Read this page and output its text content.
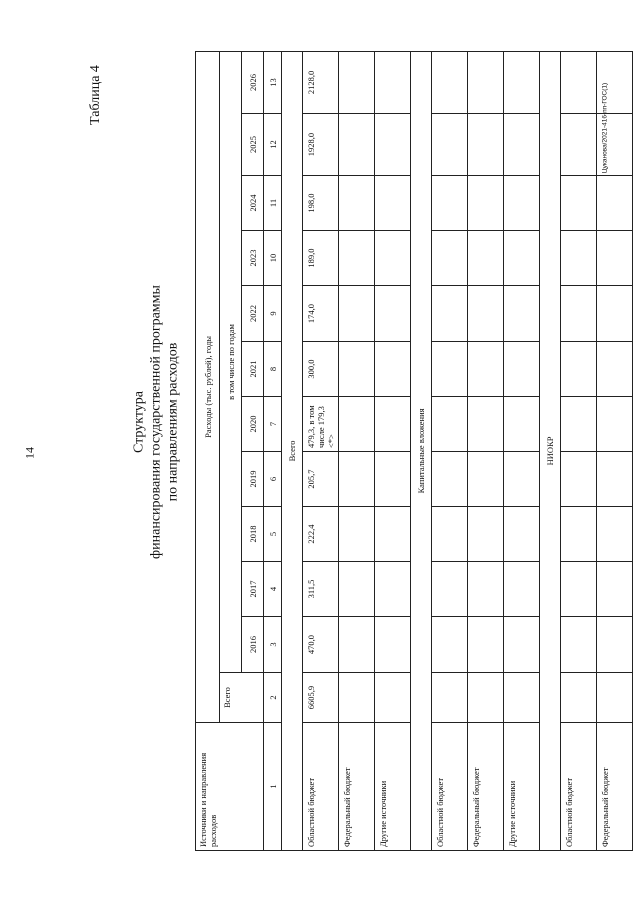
14
Таблица 4	Цуканова/2021-416-пп-ГОС(1)
Структура финансирования государственной программы по направлениям расходов
Источники и направления расходов	Расходы (тыс. рублей), годы											
	Всего	в том числе по годам										
		2016	2017	2018	2019	2020	2021	2022	2023	2024	2025	2026
1	2	3	4	5	6	7	8	9	10	11	12	13
Всего												
Областной бюджет	6605,9	470,0	311,5	222,4	205,7	479,3, в том числе 179,3 <*>	300,0	174,0	189,0	198,0	1928,0	2128,0
Федеральный бюджет												
Другие источники												
Капитальные вложения												
Областной бюджет												
Федеральный бюджет												
Другие источники												
НИОКР												
Областной бюджет												
Федеральный бюджет												
